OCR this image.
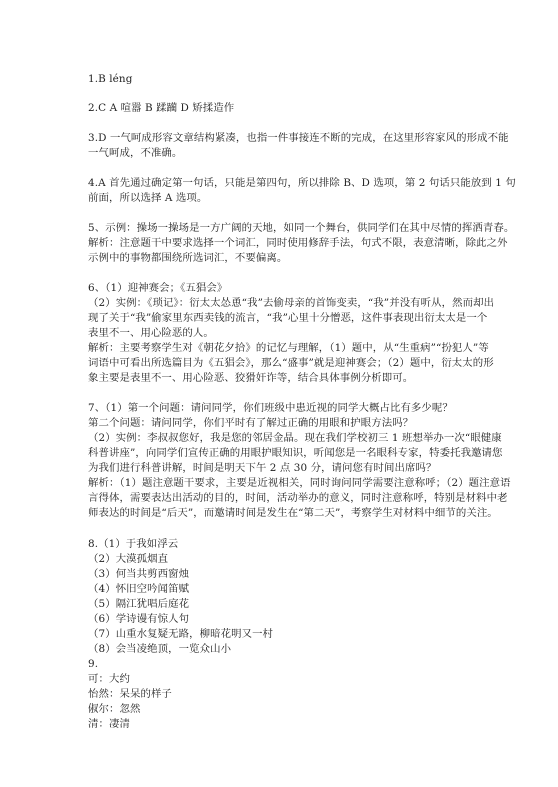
1.B léng
2.C A 喧嚣 B 蹂躏 D 矫揉造作
3.D 一气呵成形容文章结构紧凑，也指一件事接连不断的完成，在这里形容家风的形成不能
一气呵成，不准确。
4.A 首先通过确定第一句话，只能是第四句，所以排除 B、D 选项，第 2 句话只能放到 1 句
前面，所以选择 A 选项。
5、示例：操场一操场是一方广阔的天地，如同一个舞台，供同学们在其中尽情的挥洒青春。
解析：注意题干中要求选择一个词汇，同时使用修辞手法，句式不限，表意清晰，除此之外
示例中的事物都围绕所选词汇，不要偏离。
6、（1）迎神赛会；《五猖会》
（2）实例：《琐记》：衍太太怂恿“我”去偷母亲的首饰变卖，“我”并没有听从，然而却出
现了关于“我”偷家里东西卖钱的流言，“我”心里十分憎恶，这件事表现出衍太太是一个
表里不一、用心险恶的人。
解析：主要考察学生对《朝花夕拾》的记忆与理解，（1）题中，从“生重病”“扮犯人”等
词语中可看出所选篇目为《五猖会》，那么“盛事”就是迎神赛会；（2）题中，衍太太的形
象主要是表里不一、用心险恶、狡猾奸诈等，结合具体事例分析即可。
7、（1）第一个问题：请问同学，你们班级中患近视的同学大概占比有多少呢？
第二个问题：请问同学，你们平时有了解过正确的用眼和护眼方法吗？
（2）实例：李叔叔您好，我是您的邻居金晶。现在我们学校初三 1 班想举办一次“眼健康
科普讲座”，向同学们宣传正确的用眼护眼知识，听闻您是一名眼科专家，特委托我邀请您
为我们进行科普讲解，时间是明天下午 2 点 30 分，请问您有时间出席吗？
解析：（1）题注意题干要求，主要是近视相关，同时询问同学需要注意称呼；（2）题注意语
言得体，需要表达出活动的目的，时间，活动举办的意义，同时注意称呼，特别是材料中老
师表达的时间是“后天”，而邀请时间是发生在“第二天”，考察学生对材料中细节的关注。
8.（1）于我如浮云
（2）大漠孤烟直
（3）何当共剪西窗烛
（4）怀旧空吟闻笛赋
（5）隔江犹唱后庭花
（6）学诗谩有惊人句
（7）山重水复疑无路，柳暗花明又一村
（8）会当凌绝顶，一览众山小
9.
可：大约
怡然：呆呆的样子
俶尔：忽然
清：凄清
